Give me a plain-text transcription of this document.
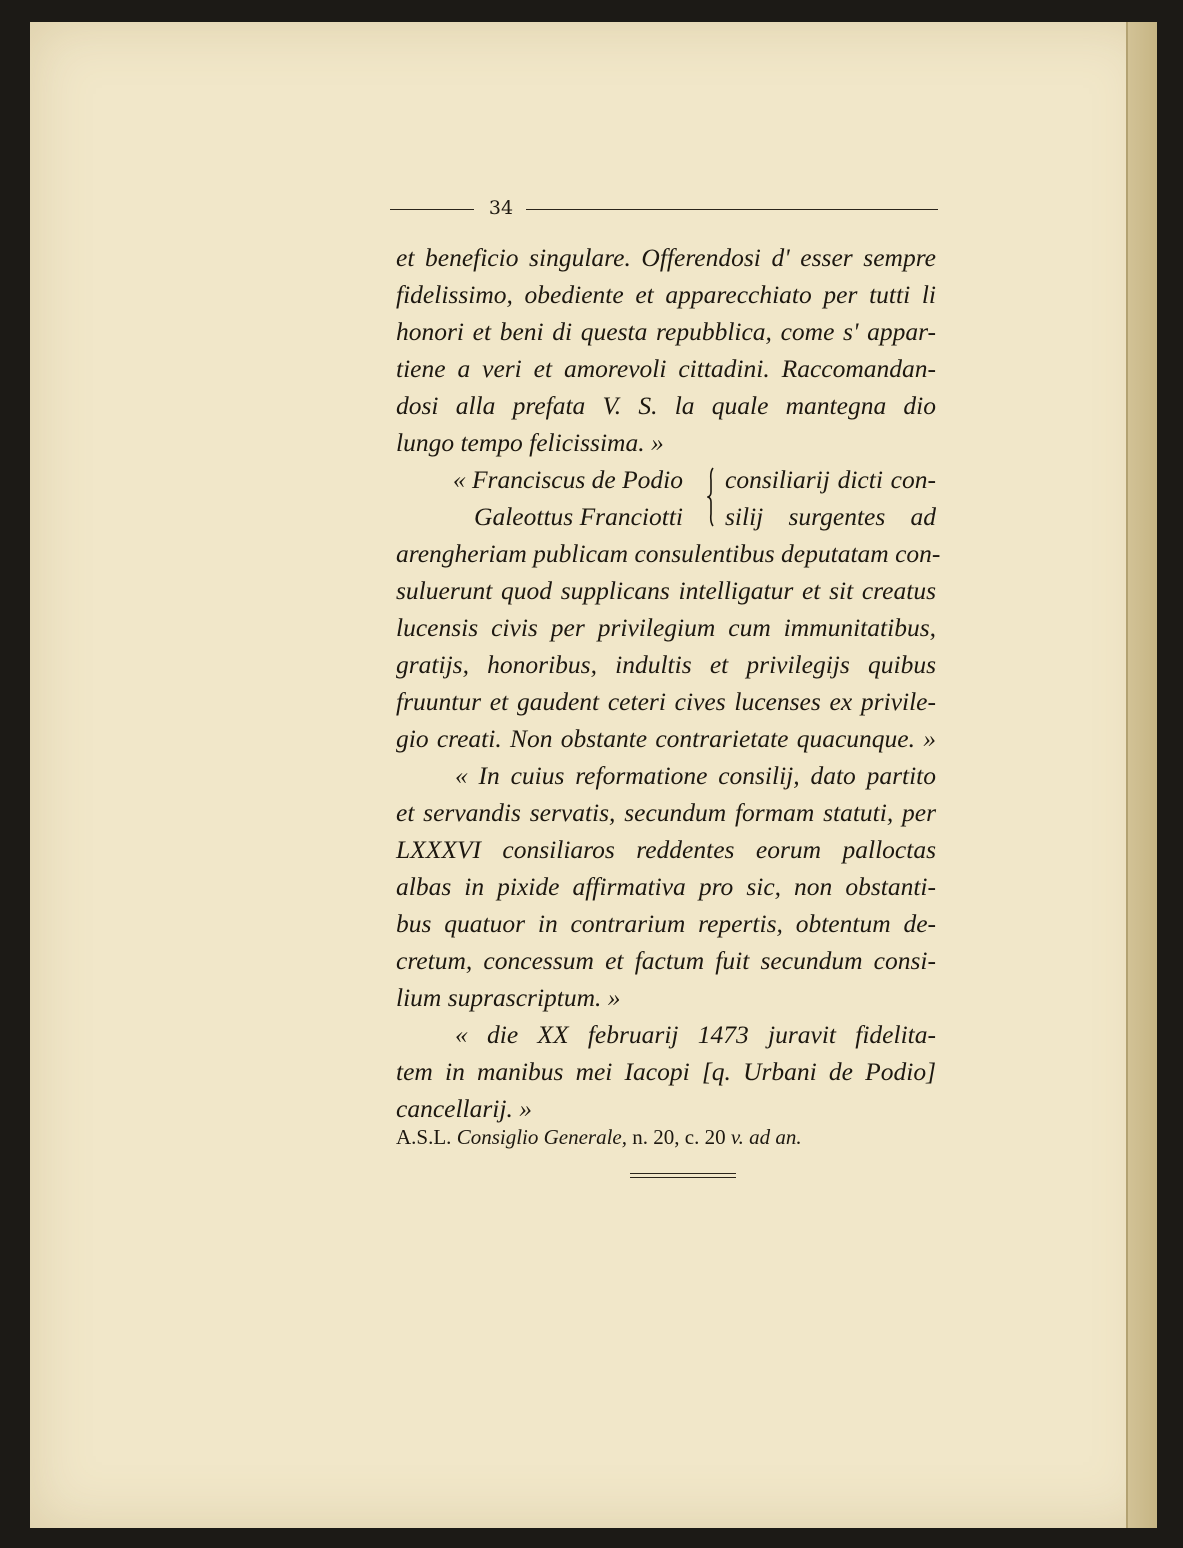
34
et beneficio singulare. Offerendosi d' esser sempre
fidelissimo, obediente et apparecchiato per tutti li
honori et beni di questa repubblica, come s' appar-
tiene a veri et amorevoli cittadini. Raccomandan-
dosi alla prefata V. S. la quale mantegna dio
lungo tempo felicissima. »
« Franciscus de Podio consiliarij dicti con-
Galeottus Franciotti silij surgentes ad
arengheriam publicam consulentibus deputatam con-
suluerunt quod supplicans intelligatur et sit creatus
lucensis civis per privilegium cum immunitatibus,
gratijs, honoribus, indultis et privilegijs quibus
fruuntur et gaudent ceteri cives lucenses ex privile-
gio creati. Non obstante contrarietate quacunque. »
« In cuius reformatione consilij, dato partito
et servandis servatis, secundum formam statuti, per
LXXXVI consiliaros reddentes eorum palloctas
albas in pixide affirmativa pro sic, non obstanti-
bus quatuor in contrarium repertis, obtentum de-
cretum, concessum et factum fuit secundum consi-
lium suprascriptum. »
« die XX februarij 1473 juravit fidelita-
tem in manibus mei Iacopi [q. Urbani de Podio]
cancellarij. »
A.S.L. Consiglio Generale, n. 20, c. 20 v. ad an.
